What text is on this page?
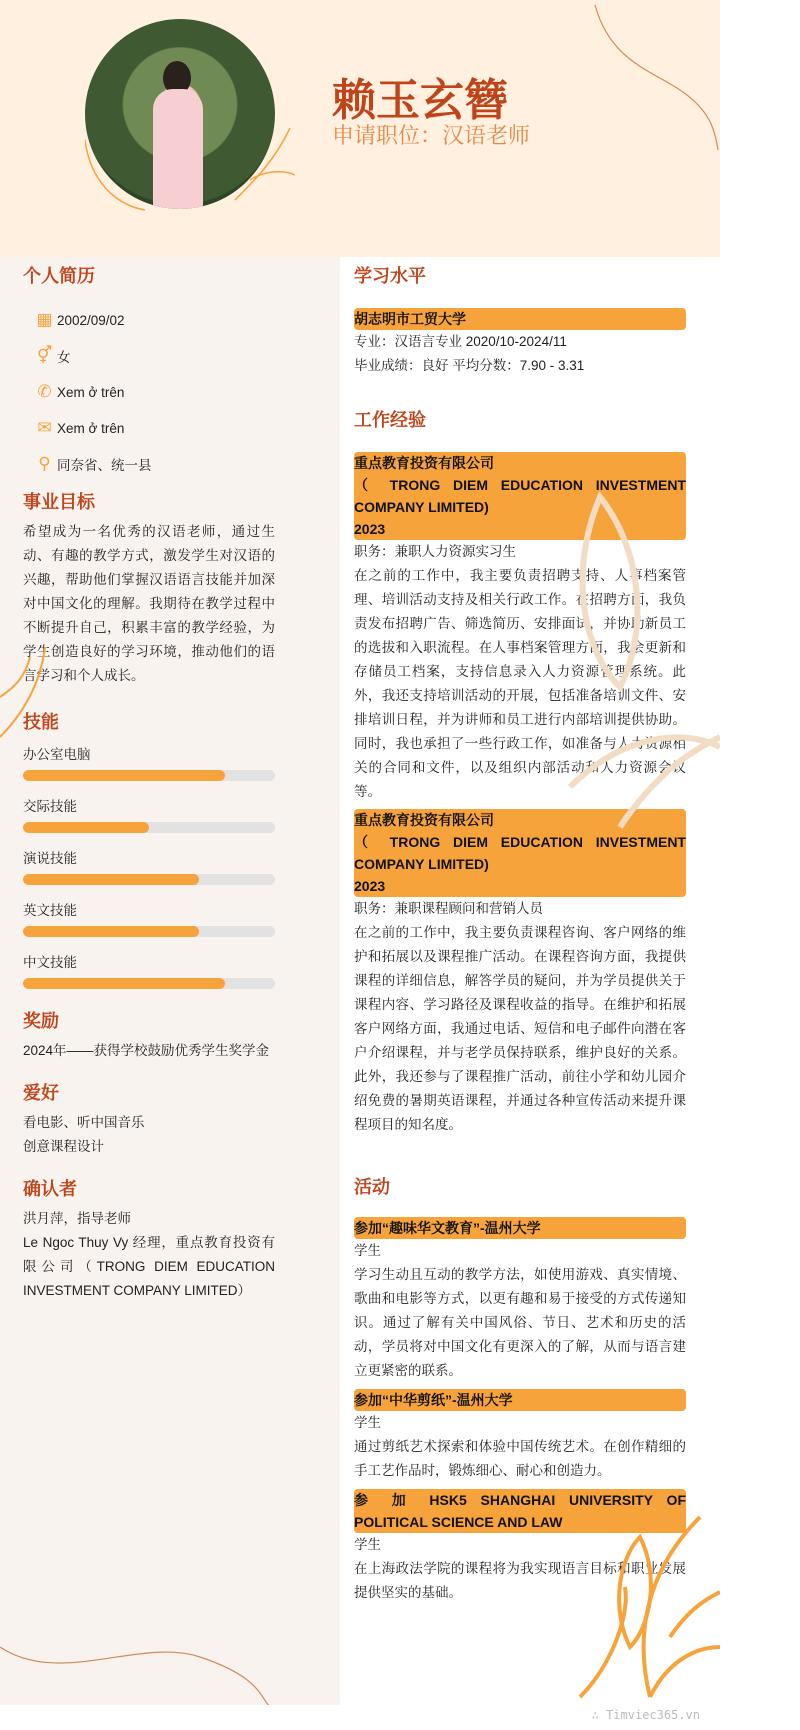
赖玉玄簪
申请职位：汉语老师
个人简历
▦ 2002/09/02
⚥ 女
✆ Xem ở trên
✉ Xem ở trên
⚲ 同奈省、统一县
事业目标
希望成为一名优秀的汉语老师，通过生动、有趣的教学方式，激发学生对汉语的兴趣，帮助他们掌握汉语语言技能并加深对中国文化的理解。我期待在教学过程中不断提升自己，积累丰富的教学经验，为学生创造良好的学习环境，推动他们的语言学习和个人成长。
技能
办公室电脑
交际技能
演说技能
英文技能
中文技能
奖励
2024年——获得学校鼓励优秀学生奖学金
爱好
看电影、听中国音乐
创意课程设计
确认者
洪月萍，指导老师
Le Ngoc Thuy Vy 经理，重点教育投资有限公司（TRONG DIEM EDUCATION INVESTMENT COMPANY LIMITED）
学习水平
胡志明市工贸大学
专业：汉语言专业 2020/10-2024/11
毕业成绩：良好 平均分数：7.90 - 3.31
工作经验
重点教育投资有限公司
（ TRONG DIEM EDUCATION INVESTMENT COMPANY LIMITED)
2023
职务：兼职人力资源实习生
在之前的工作中，我主要负责招聘支持、人事档案管理、培训活动支持及相关行政工作。在招聘方面，我负责发布招聘广告、筛选简历、安排面试，并协助新员工的选拔和入职流程。在人事档案管理方面，我会更新和存储员工档案，支持信息录入人力资源管理系统。此外，我还支持培训活动的开展，包括准备培训文件、安排培训日程，并为讲师和员工进行内部培训提供协助。同时，我也承担了一些行政工作，如准备与人力资源相关的合同和文件，以及组织内部活动和人力资源会议等。
重点教育投资有限公司
（ TRONG DIEM EDUCATION INVESTMENT COMPANY LIMITED)
2023
职务：兼职课程顾问和营销人员
在之前的工作中，我主要负责课程咨询、客户网络的维护和拓展以及课程推广活动。在课程咨询方面，我提供课程的详细信息，解答学员的疑问，并为学员提供关于课程内容、学习路径及课程收益的指导。在维护和拓展客户网络方面，我通过电话、短信和电子邮件向潜在客户介绍课程，并与老学员保持联系，维护良好的关系。此外，我还参与了课程推广活动，前往小学和幼儿园介绍免费的暑期英语课程，并通过各种宣传活动来提升课程项目的知名度。
活动
参加“趣味华文教育”-温州大学
学生
学习生动且互动的教学方法，如使用游戏、真实情境、歌曲和电影等方式，以更有趣和易于接受的方式传递知识。通过了解有关中国风俗、节日、艺术和历史的活动，学员将对中国文化有更深入的了解，从而与语言建立更紧密的联系。
参加“中华剪纸”-温州大学
学生
通过剪纸艺术探索和体验中国传统艺术。在创作精细的手工艺作品时，锻炼细心、耐心和创造力。
参 加 HSK5 SHANGHAI UNIVERSITY OF POLITICAL SCIENCE AND LAW
学生
在上海政法学院的课程将为我实现语言目标和职业发展提供坚实的基础。
∴ Timviec365.vn
